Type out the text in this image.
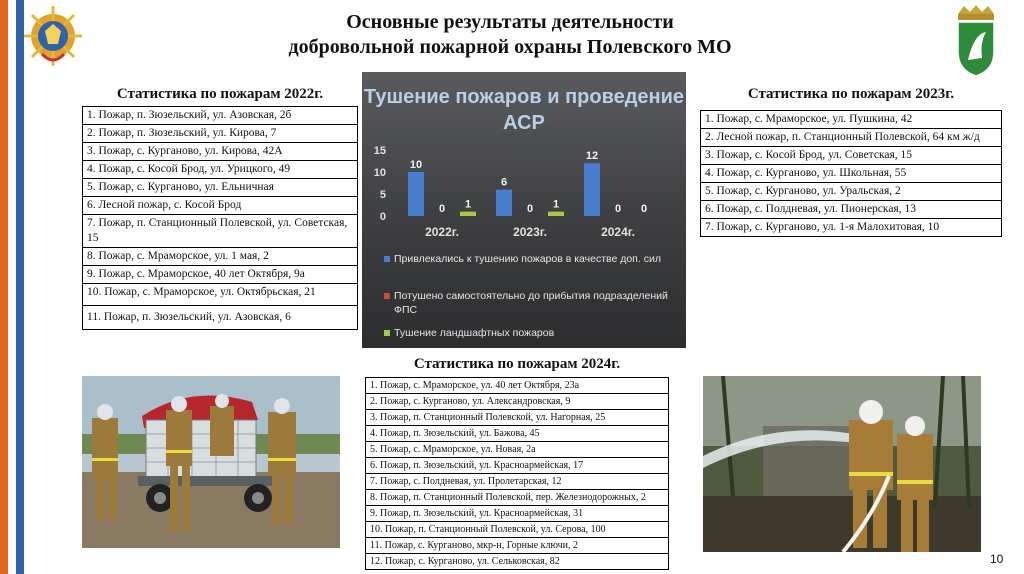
Основные результаты деятельности
добровольной пожарной охраны Полевского МО
Статистика по пожарам 2022г.
1. Пожар, п. Зюзельский, ул. Азовская, 2б
2. Пожар, п. Зюзельский, ул. Кирова, 7
3. Пожар, с. Курганово, ул. Кирова, 42А
4. Пожар, с. Косой Брод, ул. Урицкого, 49
5. Пожар, с. Курганово, ул. Ельничная
6. Лесной пожар, с. Косой Брод
7. Пожар, п. Станционный Полевской, ул. Советская, 15
8. Пожар, с. Мраморское, ул. 1 мая, 2
9. Пожар, с. Мраморское, 40 лет Октября, 9а
10. Пожар, с. Мраморское, ул. Октябрьская, 21
11. Пожар, п. Зюзельский, ул. Азовская, 6
Тушение пожаров и проведение АСР
0
5
10
15
10
0 1
2022г.
6
0 1
2023г.
12
0 0
2024г.
Привлекались к тушению пожаров в качестве доп. сил
Потушено самостоятельно до прибытия подразделений ФПС
Тушение ландшафтных пожаров
Статистика по пожарам 2023г.
1. Пожар, с. Мраморское, ул. Пушкина, 42
2. Лесной пожар, п. Станционный Полевской, 64 км ж/д
3. Пожар, с. Косой Брод, ул. Советская, 15
4. Пожар, с. Курганово, ул. Школьная, 55
5. Пожар, с. Курганово, ул. Уральская, 2
6. Пожар, с. Полдневая, ул. Пионерская, 13
7. Пожар, с. Курганово, ул. 1-я Малохитовая, 10
Статистика по пожарам 2024г.
1. Пожар, с. Мраморское, ул. 40 лет Октября, 23а
2. Пожар, с. Курганово, ул. Александровская, 9
3. Пожар, п. Станционный Полевской, ул. Нагорная, 25
4. Пожар, п. Зюзельский, ул. Бажова, 45
5. Пожар, с. Мраморское, ул. Новая, 2а
6. Пожар, п. Зюзельский, ул. Красноармейская, 17
7. Пожар, с. Полдневая, ул. Пролетарская, 12
8. Пожар, п. Станционный Полевской, пер. Железнодорожных, 2
9. Пожар, п. Зюзельский, ул. Красноармейская, 31
10. Пожар, п. Станционный Полевской, ул. Серова, 100
11. Пожар, с. Курганово, мкр-н, Горные ключи, 2
12. Пожар, с. Курганово, ул. Сельковская, 82	10
